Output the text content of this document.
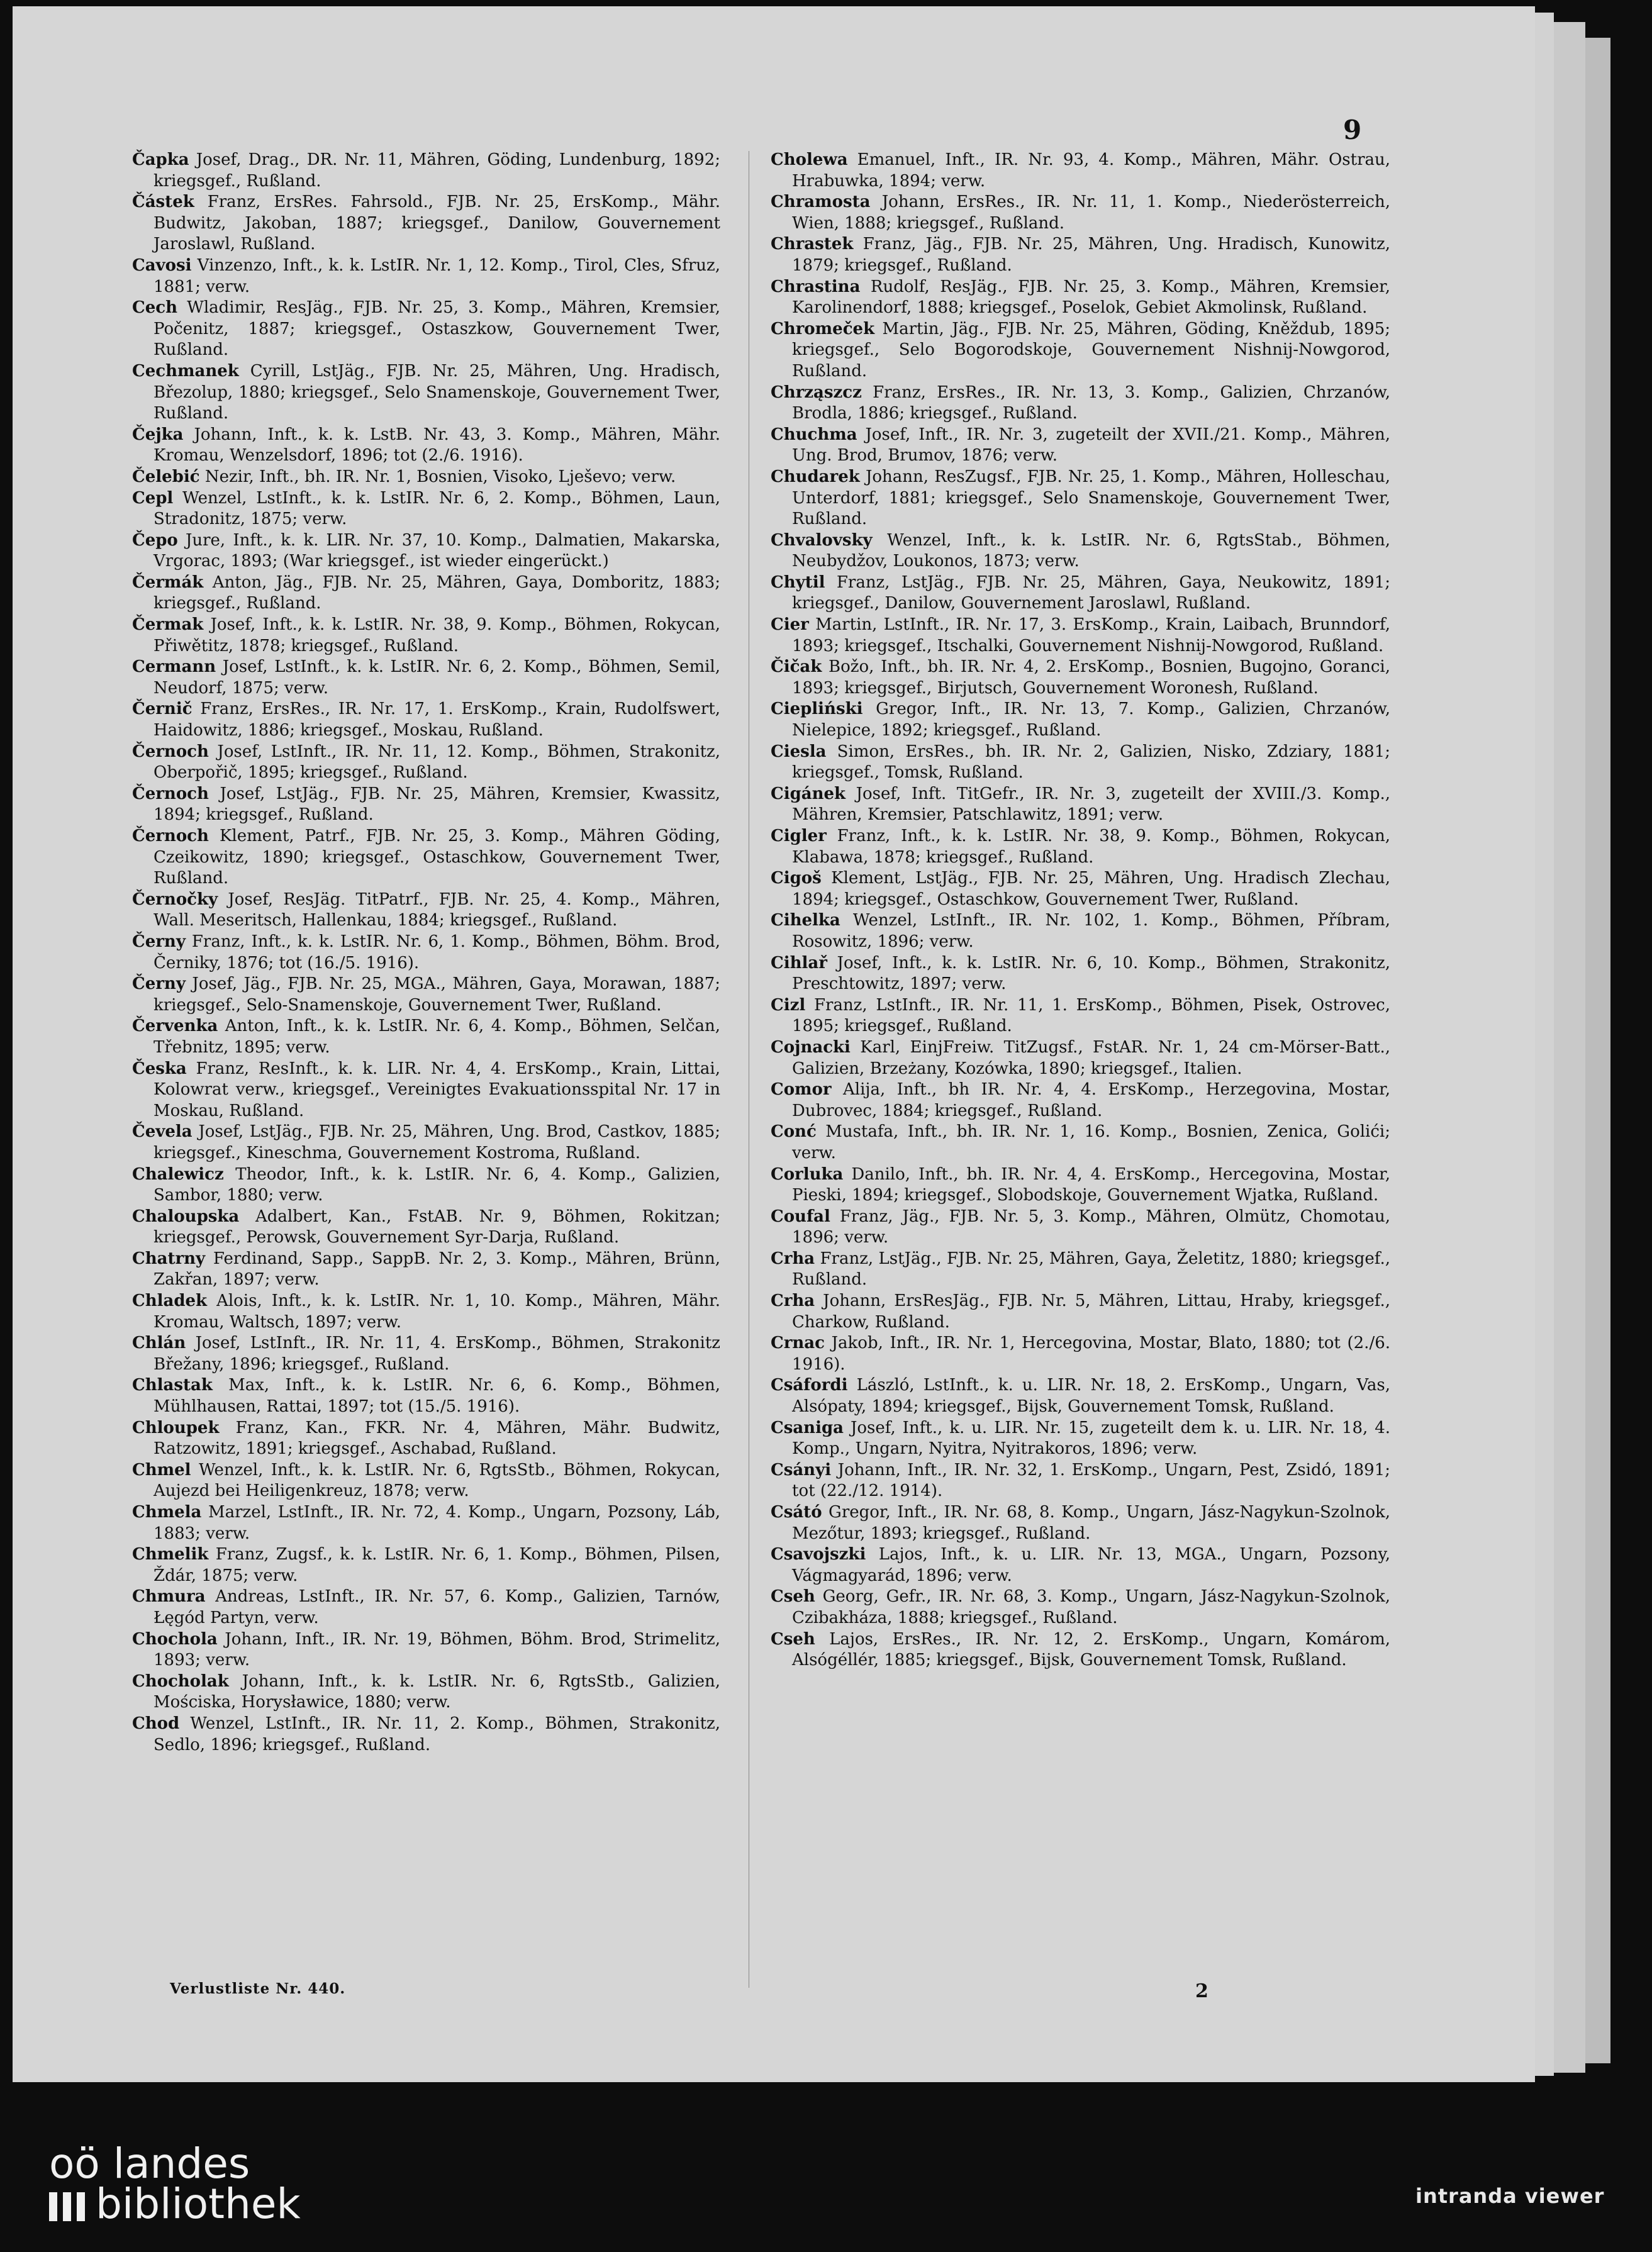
9

Čapka Josef, Drag., DR. Nr. 11, Mähren, Göding, Lundenburg, 1892; kriegsgef., Rußland.

Částek Franz, ErsRes. Fahrsold., FJB. Nr. 25, ErsKomp., Mähr. Budwitz, Jakoban, 1887; kriegsgef., Danilow, Gouvernement Jaroslawl, Rußland.

Cavosi Vinzenzo, Inft., k. k. LstIR. Nr. 1, 12. Komp., Tirol, Cles, Sfruz, 1881; verw.

Cech Wladimir, ResJäg., FJB. Nr. 25, 3. Komp., Mähren, Kremsier, Počenitz, 1887; kriegsgef., Ostaszkow, Gouvernement Twer, Rußland.

Cechmanek Cyrill, LstJäg., FJB. Nr. 25, Mähren, Ung. Hradisch, Březolup, 1880; kriegsgef., Selo Snamenskoje, Gouvernement Twer, Rußland.

Čejka Johann, Inft., k. k. LstB. Nr. 43, 3. Komp., Mähren, Mähr. Kromau, Wenzelsdorf, 1896; tot (2./6. 1916).

Čelebić Nezir, Inft., bh. IR. Nr. 1, Bosnien, Visoko, Lješevo; verw.

Cepl Wenzel, LstInft., k. k. LstIR. Nr. 6, 2. Komp., Böhmen, Laun, Stradonitz, 1875; verw.

Čepo Jure, Inft., k. k. LIR. Nr. 37, 10. Komp., Dalmatien, Makarska, Vrgorac, 1893; (War kriegsgef., ist wieder eingerückt.)

Čermák Anton, Jäg., FJB. Nr. 25, Mähren, Gaya, Domboritz, 1883; kriegsgef., Rußland.

Čermak Josef, Inft., k. k. LstIR. Nr. 38, 9. Komp., Böhmen, Rokycan, Přiwětitz, 1878; kriegsgef., Rußland.

Cermann Josef, LstInft., k. k. LstIR. Nr. 6, 2. Komp., Böhmen, Semil, Neudorf, 1875; verw.

Černič Franz, ErsRes., IR. Nr. 17, 1. ErsKomp., Krain, Rudolfswert, Haidowitz, 1886; kriegsgef., Moskau, Rußland.

Černoch Josef, LstInft., IR. Nr. 11, 12. Komp., Böhmen, Strakonitz, Oberpořič, 1895; kriegsgef., Rußland.

Černoch Josef, LstJäg., FJB. Nr. 25, Mähren, Kremsier, Kwassitz, 1894; kriegsgef., Rußland.

Černoch Klement, Patrf., FJB. Nr. 25, 3. Komp., Mähren Göding, Czeikowitz, 1890; kriegsgef., Ostaschkow, Gouvernement Twer, Rußland.

Černočky Josef, ResJäg. TitPatrf., FJB. Nr. 25, 4. Komp., Mähren, Wall. Meseritsch, Hallenkau, 1884; kriegsgef., Rußland.

Černy Franz, Inft., k. k. LstIR. Nr. 6, 1. Komp., Böhmen, Böhm. Brod, Černiky, 1876; tot (16./5. 1916).

Černy Josef, Jäg., FJB. Nr. 25, MGA., Mähren, Gaya, Morawan, 1887; kriegsgef., Selo-Snamenskoje, Gouvernement Twer, Rußland.

Červenka Anton, Inft., k. k. LstIR. Nr. 6, 4. Komp., Böhmen, Selčan, Třebnitz, 1895; verw.

Česka Franz, ResInft., k. k. LIR. Nr. 4, 4. ErsKomp., Krain, Littai, Kolowrat verw., kriegsgef., Vereinigtes Evakuationsspital Nr. 17 in Moskau, Rußland.

Čevela Josef, LstJäg., FJB. Nr. 25, Mähren, Ung. Brod, Castkov, 1885; kriegsgef., Kineschma, Gouvernement Kostroma, Rußland.

Chalewicz Theodor, Inft., k. k. LstIR. Nr. 6, 4. Komp., Galizien, Sambor, 1880; verw.

Chaloupska Adalbert, Kan., FstAB. Nr. 9, Böhmen, Rokitzan; kriegsgef., Perowsk, Gouvernement Syr-Darja, Rußland.

Chatrny Ferdinand, Sapp., SappB. Nr. 2, 3. Komp., Mähren, Brünn, Zakřan, 1897; verw.

Chladek Alois, Inft., k. k. LstIR. Nr. 1, 10. Komp., Mähren, Mähr. Kromau, Waltsch, 1897; verw.

Chlán Josef, LstInft., IR. Nr. 11, 4. ErsKomp., Böhmen, Strakonitz Břežany, 1896; kriegsgef., Rußland.

Chlastak Max, Inft., k. k. LstIR. Nr. 6, 6. Komp., Böhmen, Mühlhausen, Rattai, 1897; tot (15./5. 1916).

Chloupek Franz, Kan., FKR. Nr. 4, Mähren, Mähr. Budwitz, Ratzowitz, 1891; kriegsgef., Aschabad, Rußland.

Chmel Wenzel, Inft., k. k. LstIR. Nr. 6, RgtsStb., Böhmen, Rokycan, Aujezd bei Heiligenkreuz, 1878; verw.

Chmela Marzel, LstInft., IR. Nr. 72, 4. Komp., Ungarn, Pozsony, Láb, 1883; verw.

Chmelik Franz, Zugsf., k. k. LstIR. Nr. 6, 1. Komp., Böhmen, Pilsen, Ždár, 1875; verw.

Chmura Andreas, LstInft., IR. Nr. 57, 6. Komp., Galizien, Tarnów, Łęgód Partyn, verw.

Chochola Johann, Inft., IR. Nr. 19, Böhmen, Böhm. Brod, Strimelitz, 1893; verw.

Chocholak Johann, Inft., k. k. LstIR. Nr. 6, RgtsStb., Galizien, Mościska, Horysławice, 1880; verw.

Chod Wenzel, LstInft., IR. Nr. 11, 2. Komp., Böhmen, Strakonitz, Sedlo, 1896; kriegsgef., Rußland.

Cholewa Emanuel, Inft., IR. Nr. 93, 4. Komp., Mähren, Mähr. Ostrau, Hrabuwka, 1894; verw.

Chramosta Johann, ErsRes., IR. Nr. 11, 1. Komp., Niederösterreich, Wien, 1888; kriegsgef., Rußland.

Chrastek Franz, Jäg., FJB. Nr. 25, Mähren, Ung. Hradisch, Kunowitz, 1879; kriegsgef., Rußland.

Chrastina Rudolf, ResJäg., FJB. Nr. 25, 3. Komp., Mähren, Kremsier, Karolinendorf, 1888; kriegsgef., Poselok, Gebiet Akmolinsk, Rußland.

Chromeček Martin, Jäg., FJB. Nr. 25, Mähren, Göding, Kněždub, 1895; kriegsgef., Selo Bogorodskoje, Gouvernement Nishnij-Nowgorod, Rußland.

Chrząszcz Franz, ErsRes., IR. Nr. 13, 3. Komp., Galizien, Chrzanów, Brodla, 1886; kriegsgef., Rußland.

Chuchma Josef, Inft., IR. Nr. 3, zugeteilt der XVII./21. Komp., Mähren, Ung. Brod, Brumov, 1876; verw.

Chudarek Johann, ResZugsf., FJB. Nr. 25, 1. Komp., Mähren, Holleschau, Unterdorf, 1881; kriegsgef., Selo Snamenskoje, Gouvernement Twer, Rußland.

Chvalovsky Wenzel, Inft., k. k. LstIR. Nr. 6, RgtsStab., Böhmen, Neubydžov, Loukonos, 1873; verw.

Chytil Franz, LstJäg., FJB. Nr. 25, Mähren, Gaya, Neukowitz, 1891; kriegsgef., Danilow, Gouvernement Jaroslawl, Rußland.

Cier Martin, LstInft., IR. Nr. 17, 3. ErsKomp., Krain, Laibach, Brunndorf, 1893; kriegsgef., Itschalki, Gouvernement Nishnij-Nowgorod, Rußland.

Čičak Božo, Inft., bh. IR. Nr. 4, 2. ErsKomp., Bosnien, Bugojno, Goranci, 1893; kriegsgef., Birjutsch, Gouvernement Woronesh, Rußland.

Ciepliński Gregor, Inft., IR. Nr. 13, 7. Komp., Galizien, Chrzanów, Nielepice, 1892; kriegsgef., Rußland.

Ciesla Simon, ErsRes., bh. IR. Nr. 2, Galizien, Nisko, Zdziary, 1881; kriegsgef., Tomsk, Rußland.

Cigánek Josef, Inft. TitGefr., IR. Nr. 3, zugeteilt der XVIII./3. Komp., Mähren, Kremsier, Patschlawitz, 1891; verw.

Cigler Franz, Inft., k. k. LstIR. Nr. 38, 9. Komp., Böhmen, Rokycan, Klabawa, 1878; kriegsgef., Rußland.

Cigoš Klement, LstJäg., FJB. Nr. 25, Mähren, Ung. Hradisch Zlechau, 1894; kriegsgef., Ostaschkow, Gouvernement Twer, Rußland.

Cihelka Wenzel, LstInft., IR. Nr. 102, 1. Komp., Böhmen, Příbram, Rosowitz, 1896; verw.

Cihlař Josef, Inft., k. k. LstIR. Nr. 6, 10. Komp., Böhmen, Strakonitz, Preschtowitz, 1897; verw.

Cizl Franz, LstInft., IR. Nr. 11, 1. ErsKomp., Böhmen, Pisek, Ostrovec, 1895; kriegsgef., Rußland.

Cojnacki Karl, EinjFreiw. TitZugsf., FstAR. Nr. 1, 24 cm-Mörser-Batt., Galizien, Brzeżany, Kozówka, 1890; kriegsgef., Italien.

Comor Alija, Inft., bh IR. Nr. 4, 4. ErsKomp., Herzegovina, Mostar, Dubrovec, 1884; kriegsgef., Rußland.

Conć Mustafa, Inft., bh. IR. Nr. 1, 16. Komp., Bosnien, Zenica, Golići; verw.

Corluka Danilo, Inft., bh. IR. Nr. 4, 4. ErsKomp., Hercegovina, Mostar, Pieski, 1894; kriegsgef., Slobodskoje, Gouvernement Wjatka, Rußland.

Coufal Franz, Jäg., FJB. Nr. 5, 3. Komp., Mähren, Olmütz, Chomotau, 1896; verw.

Crha Franz, LstJäg., FJB. Nr. 25, Mähren, Gaya, Želetitz, 1880; kriegsgef., Rußland.

Crha Johann, ErsResJäg., FJB. Nr. 5, Mähren, Littau, Hraby, kriegsgef., Charkow, Rußland.

Crnac Jakob, Inft., IR. Nr. 1, Hercegovina, Mostar, Blato, 1880; tot (2./6. 1916).

Csáfordi László, LstInft., k. u. LIR. Nr. 18, 2. ErsKomp., Ungarn, Vas, Alsópaty, 1894; kriegsgef., Bijsk, Gouvernement Tomsk, Rußland.

Csaniga Josef, Inft., k. u. LIR. Nr. 15, zugeteilt dem k. u. LIR. Nr. 18, 4. Komp., Ungarn, Nyitra, Nyitrakoros, 1896; verw.

Csányi Johann, Inft., IR. Nr. 32, 1. ErsKomp., Ungarn, Pest, Zsidó, 1891; tot (22./12. 1914).

Csátó Gregor, Inft., IR. Nr. 68, 8. Komp., Ungarn, Jász-Nagykun-Szolnok, Mezőtur, 1893; kriegsgef., Rußland.

Csavojszki Lajos, Inft., k. u. LIR. Nr. 13, MGA., Ungarn, Pozsony, Vágmagyarád, 1896; verw.

Cseh Georg, Gefr., IR. Nr. 68, 3. Komp., Ungarn, Jász-Nagykun-Szolnok, Czibakháza, 1888; kriegsgef., Rußland.

Cseh Lajos, ErsRes., IR. Nr. 12, 2. ErsKomp., Ungarn, Komárom, Alsógéllér, 1885; kriegsgef., Bijsk, Gouvernement Tomsk, Rußland.

Verlustliste Nr. 440.	2
oö landes
bibliothek	intranda viewer
